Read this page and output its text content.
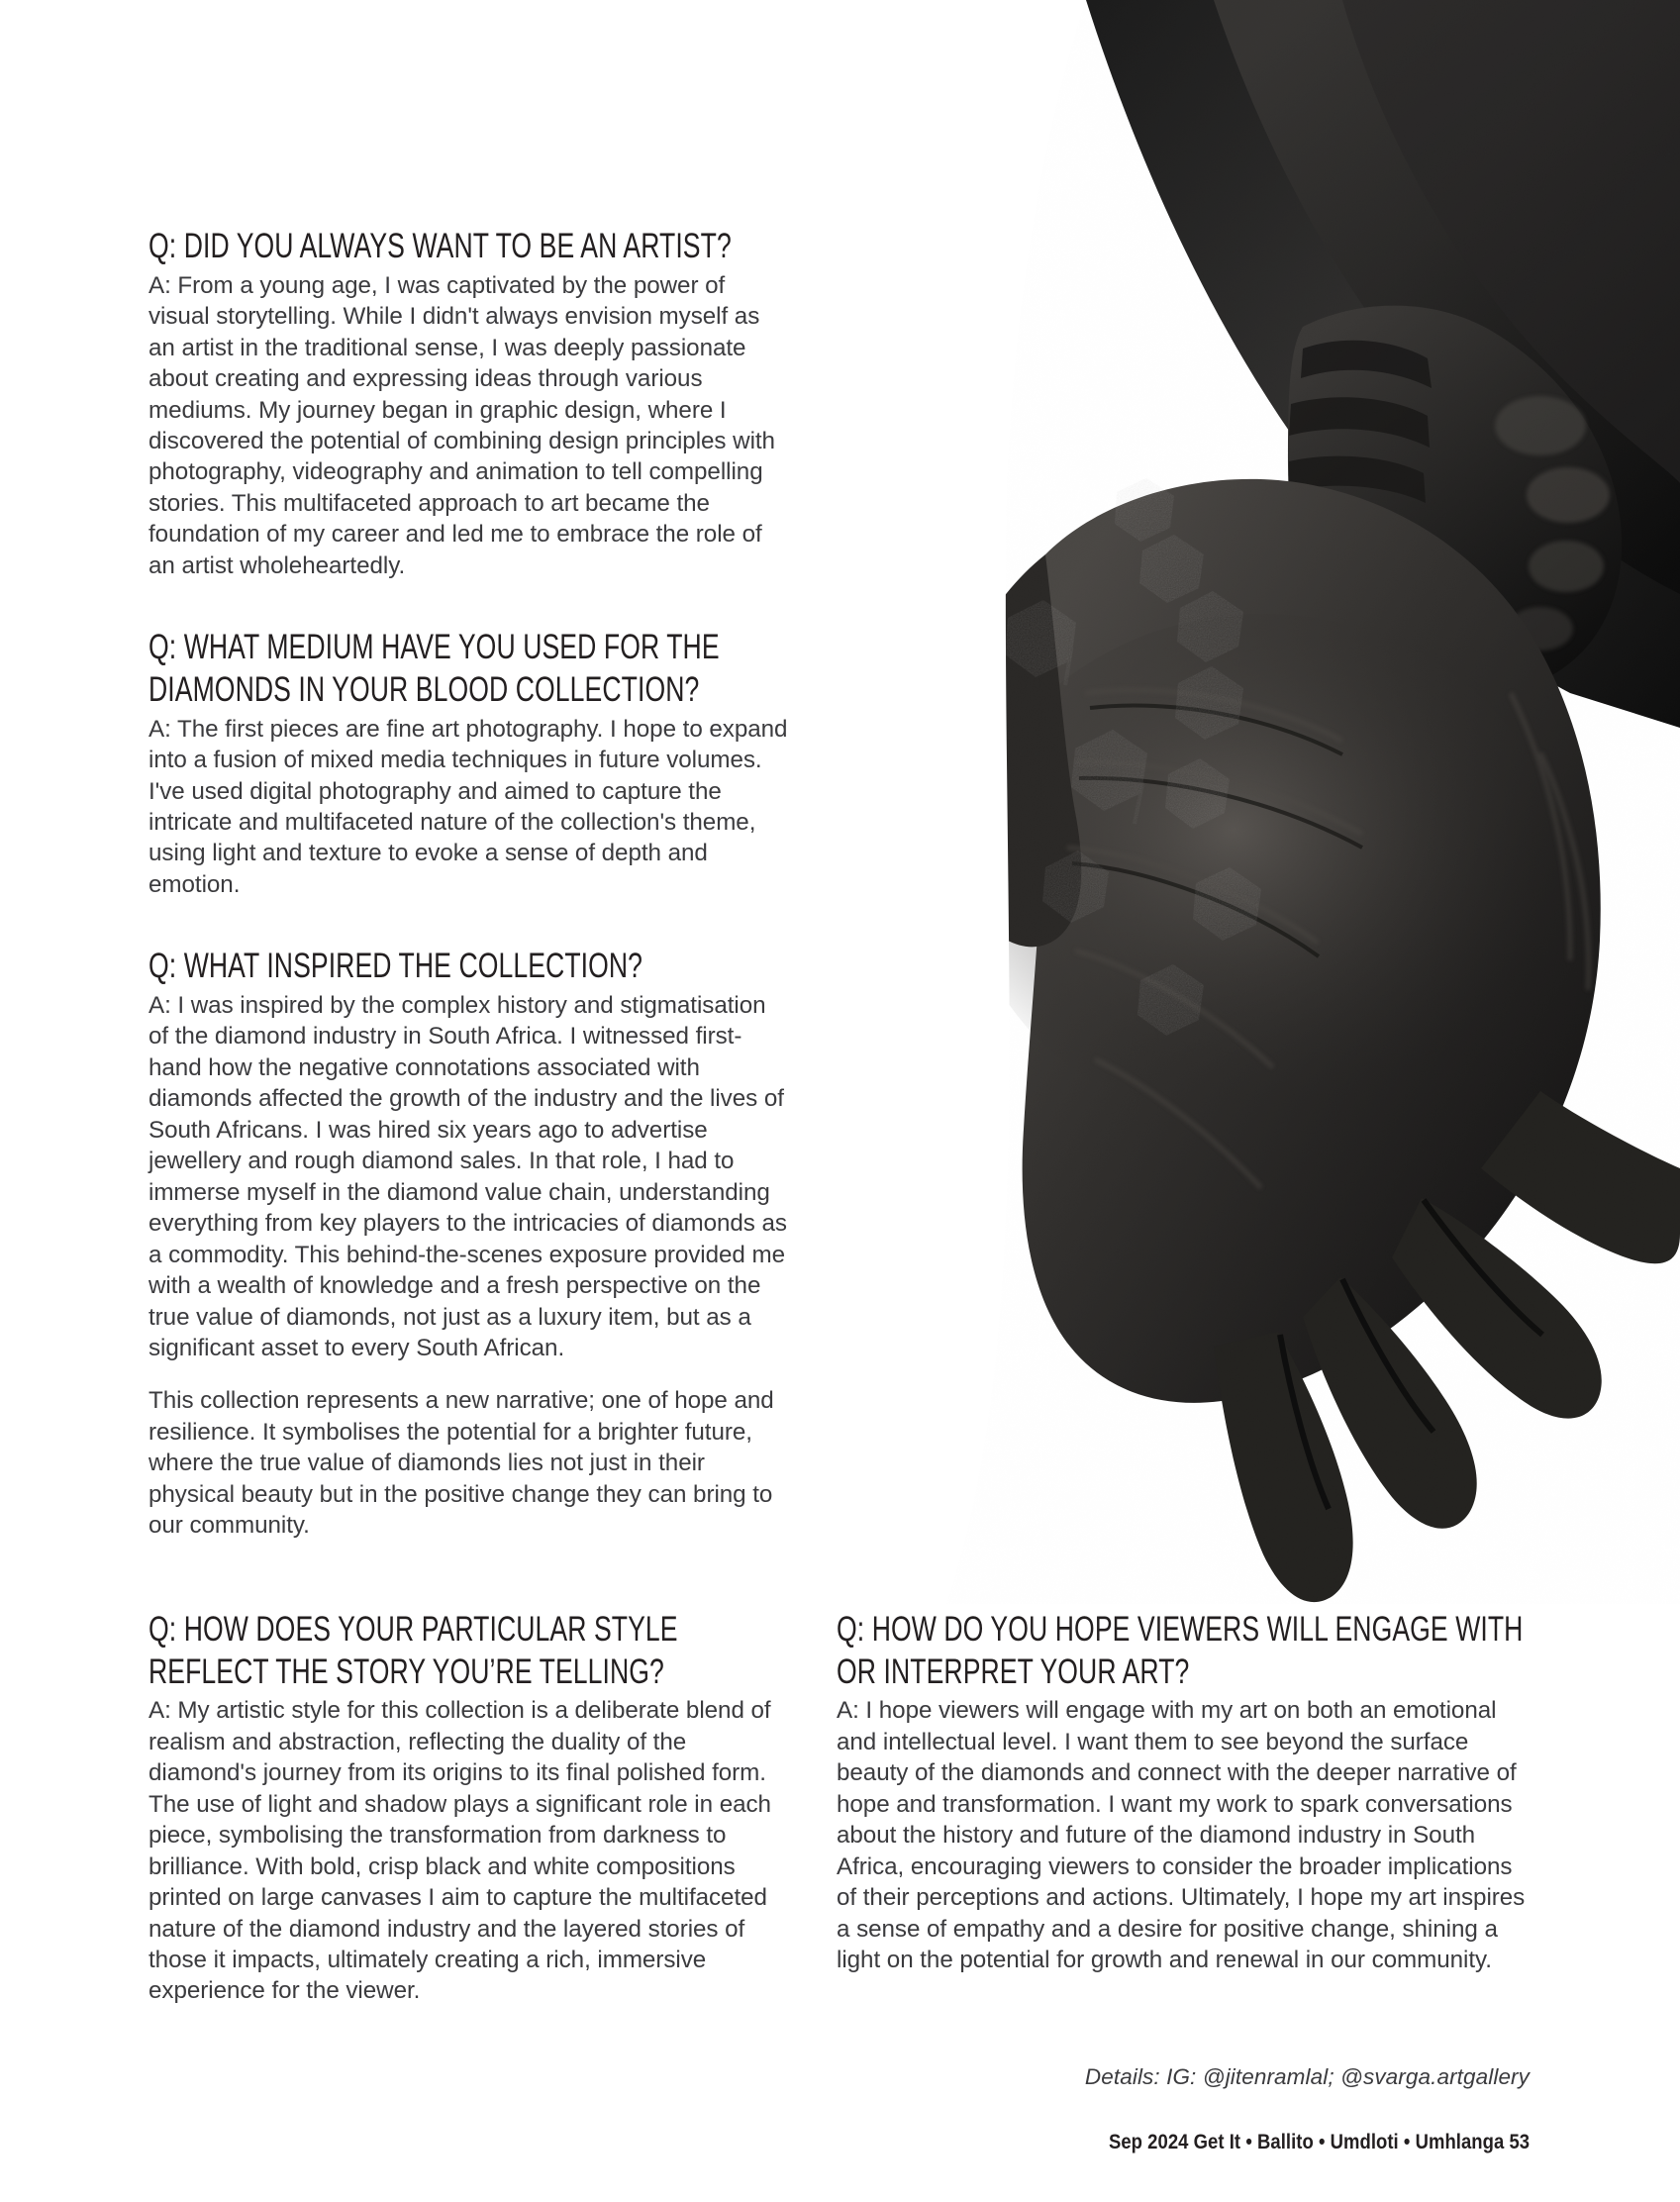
Q: DID YOU ALWAYS WANT TO BE AN ARTIST?

A: From a young age, I was captivated by the power of visual storytelling. While I didn't always envision myself as an artist in the traditional sense, I was deeply passionate about creating and expressing ideas through various mediums. My journey began in graphic design, where I discovered the potential of combining design principles with photography, videography and animation to tell compelling stories. This multifaceted approach to art became the foundation of my career and led me to embrace the role of an artist wholeheartedly.

Q: WHAT MEDIUM HAVE YOU USED FOR THE DIAMONDS IN YOUR BLOOD COLLECTION?

A: The first pieces are fine art photography. I hope to expand into a fusion of mixed media techniques in future volumes. I've used digital photography and aimed to capture the intricate and multifaceted nature of the collection's theme, using light and texture to evoke a sense of depth and emotion.

Q: WHAT INSPIRED THE COLLECTION?

A: I was inspired by the complex history and stigmatisation of the diamond industry in South Africa. I witnessed first-hand how the negative connotations associated with diamonds affected the growth of the industry and the lives of South Africans. I was hired six years ago to advertise jewellery and rough diamond sales. In that role, I had to immerse myself in the diamond value chain, understanding everything from key players to the intricacies of diamonds as a commodity. This behind-the-scenes exposure provided me with a wealth of knowledge and a fresh perspective on the true value of diamonds, not just as a luxury item, but as a significant asset to every South African.

This collection represents a new narrative; one of hope and resilience. It symbolises the potential for a brighter future, where the true value of diamonds lies not just in their physical beauty but in the positive change they can bring to our community.

Q: HOW DOES YOUR PARTICULAR STYLE REFLECT THE STORY YOU’RE TELLING?

A: My artistic style for this collection is a deliberate blend of realism and abstraction, reflecting the duality of the diamond's journey from its origins to its final polished form. The use of light and shadow plays a significant role in each piece, symbolising the transformation from darkness to brilliance. With bold, crisp black and white compositions printed on large canvases I aim to capture the multifaceted nature of the diamond industry and the layered stories of those it impacts, ultimately creating a rich, immersive experience for the viewer.

Q: HOW DO YOU HOPE VIEWERS WILL ENGAGE WITH OR INTERPRET YOUR ART?

A: I hope viewers will engage with my art on both an emotional and intellectual level. I want them to see beyond the surface beauty of the diamonds and connect with the deeper narrative of hope and transformation. I want my work to spark conversations about the history and future of the diamond industry in South Africa, encouraging viewers to consider the broader implications of their perceptions and actions. Ultimately, I hope my art inspires a sense of empathy and a desire for positive change, shining a light on the potential for growth and renewal in our community.

Details: IG: @jitenramlal; @svarga.artgallery
Sep 2024 Get It • Ballito • Umdloti • Umhlanga 53
